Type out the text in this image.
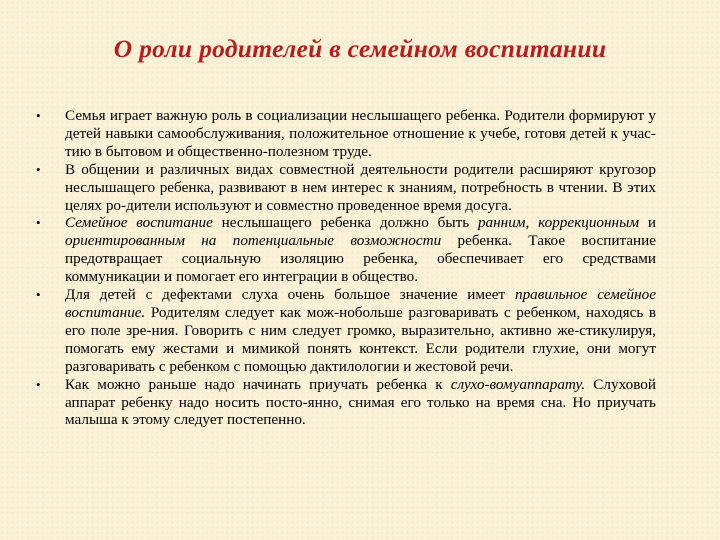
О роли родителей в семейном воспитании
•	Семья играет важную роль в социализации неслышащего ребенка. Родители формируют у детей навыки самообслуживания, положительное отношение к учебе, готовя детей к учас-тию в бытовом и общественно-полезном труде.
•	В общении и различных видах совместной деятельности родители расширяют кругозор неслышащего ребенка, развивают в нем интерес к знаниям, потребность в чтении. В этих целях ро-дители используют и совместно проведенное время досуга.
•	Семейное воспитание неслышащего ребенка должно быть ранним, коррекционным и ориентированным на потенциальные возможности ребенка. Такое воспитание предотвращает социальную изоляцию ребенка, обеспечивает его средствами коммуникации и помогает его интеграции в общество.
•	Для детей с дефектами слуха очень большое значение имеет правильное семейное воспитание. Родителям следует как мож-нобольше разговаривать с ребенком, находясь в его поле зре-ния. Говорить с ним следует громко, выразительно, активно же-стикулируя, помогать ему жестами и мимикой понять контекст. Если родители глухие, они могут разговаривать с ребенком с помощью дактилологии и жестовой речи.
•	Как можно раньше надо начинать приучать ребенка к слухо-вомуаппарату. Слуховой аппарат ребенку надо носить посто-янно, снимая его только на время сна. Но приучать малыша к этому следует постепенно.
